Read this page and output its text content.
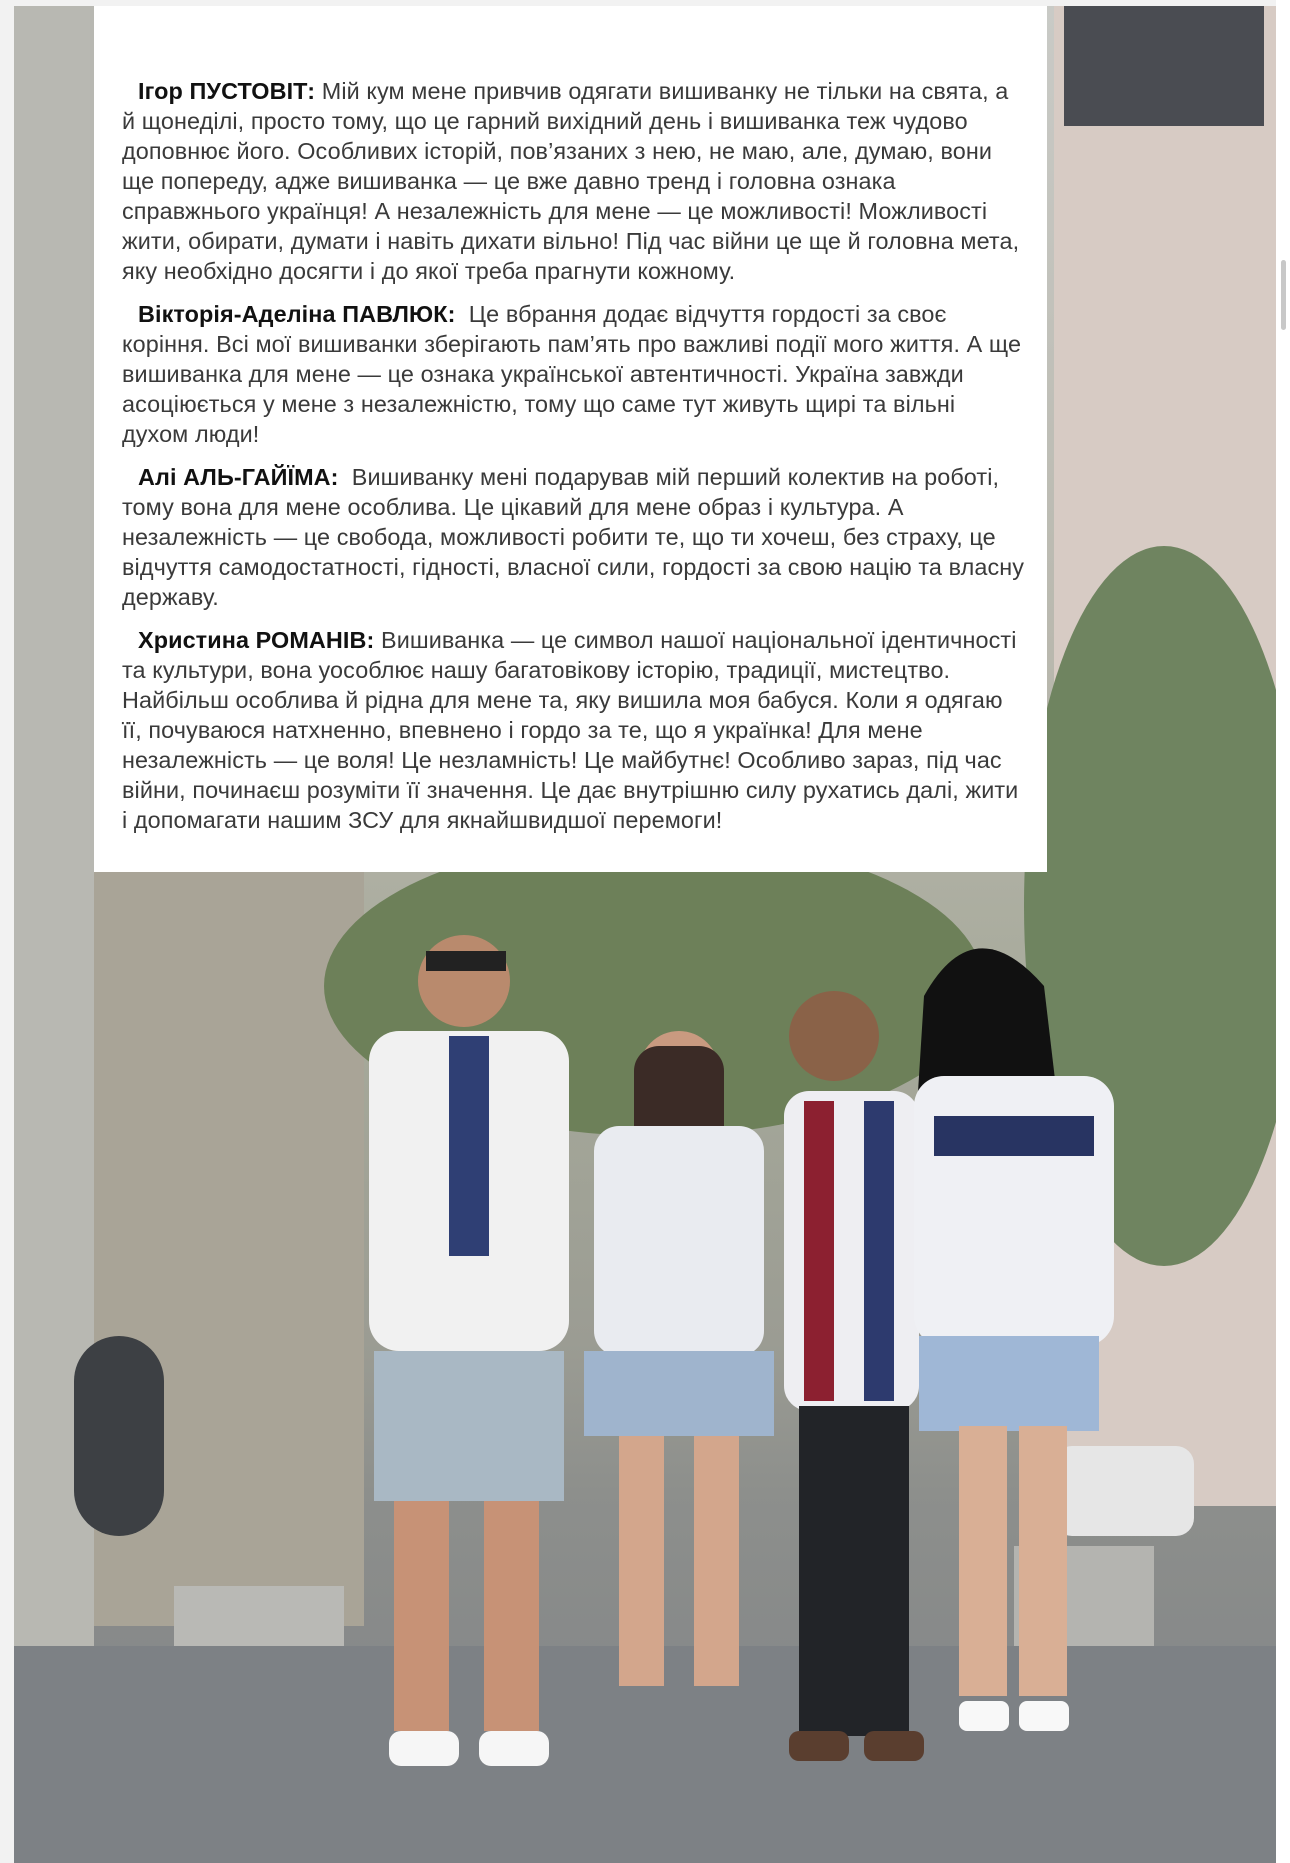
Ігор ПУСТОВІТ: Мій кум мене привчив одягати вишиванку не тільки на свята, а й щонеділі, просто тому, що це гарний вихідний день і вишиванка теж чудово доповнює його. Особливих історій, пов’язаних з нею, не маю, але, думаю, вони ще попереду, адже вишиванка — це вже давно тренд і головна ознака справжнього українця! А незалежність для мене — це можливості! Можливості жити, обирати, думати і навіть дихати вільно! Під час війни це ще й головна мета, яку необхідно досягти і до якої треба прагнути кожному.

Вікторія-Аделіна ПАВЛЮК: Це вбрання додає відчуття гордості за своє коріння. Всі мої вишиванки зберігають пам’ять про важливі події мого життя. А ще вишиванка для мене — це ознака української автентичності. Україна завжди асоціюється у мене з незалежністю, тому що саме тут живуть щирі та вільні духом люди!

Алі АЛЬ-ГАЙЇМА: Вишиванку мені подарував мій перший колектив на роботі, тому вона для мене особлива. Це цікавий для мене образ і культура. А незалежність — це свобода, можливості робити те, що ти хочеш, без страху, це відчуття самодостатності, гідності, власної сили, гордості за свою націю та власну державу.

Христина РОМАНІВ: Вишиванка — це символ нашої національної ідентичності та культури, вона уособлює нашу багатовікову історію, традиції, мистецтво. Найбільш особлива й рідна для мене та, яку вишила моя бабуся. Коли я одягаю її, почуваюся натхненно, впевнено і гордо за те, що я українка! Для мене незалежність — це воля! Це незламність! Це майбутнє! Особливо зараз, під час війни, починаєш розуміти її значення. Це дає внутрішню силу рухатись далі, жити і допомагати нашим ЗСУ для якнайшвидшої перемоги!
